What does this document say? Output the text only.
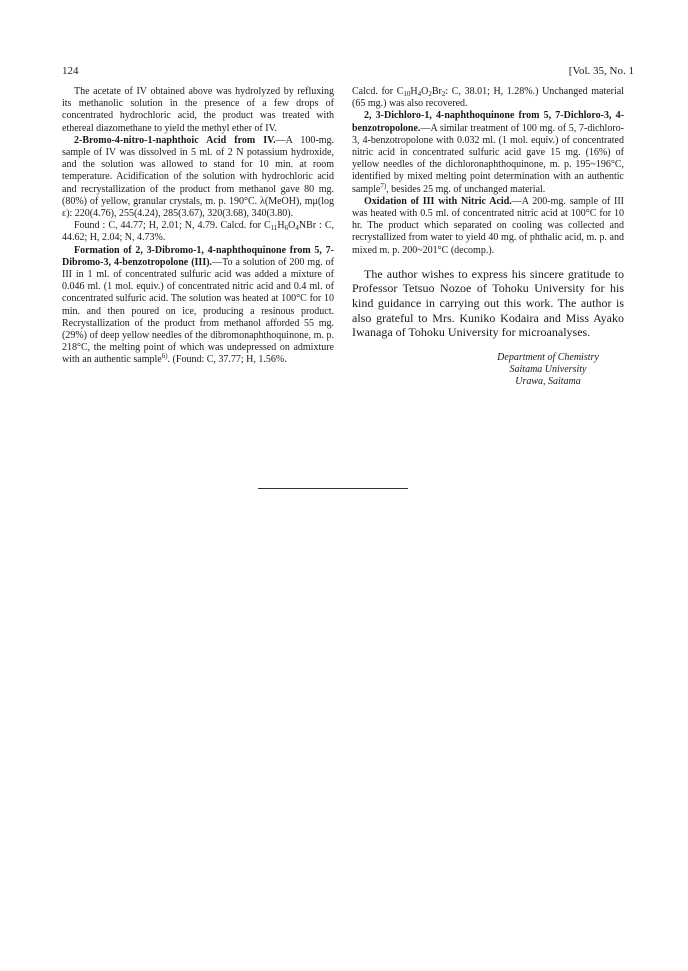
124	[Vol. 35, No. 1

The acetate of IV obtained above was hydrolyzed by refluxing its methanolic solution in the presence of a few drops of concentrated hydrochloric acid, the product was treated with ethereal diazomethane to yield the methyl ether of IV.

2-Bromo-4-nitro-1-naphthoic Acid from IV.—A 100-mg. sample of IV was dissolved in 5 ml. of 2 N potassium hydroxide, and the solution was allowed to stand for 10 min. at room temperature. Acidification of the solution with hydrochloric acid and recrystallization of the product from methanol gave 80 mg. (80%) of yellow, granular crystals, m. p. 190°C. λ(MeOH), mμ(log ε): 220(4.76), 255(4.24), 285(3.67), 320(3.68), 340(3.80).

Found : C, 44.77; H, 2.01; N, 4.79. Calcd. for $C_{11}H_6O_4NBr$ : C, 44.62; H, 2.04; N, 4.73%.

Formation of 2, 3-Dibromo-1, 4-naphthoquinone from 5, 7-Dibromo-3, 4-benzotropolone (III).—To a solution of 200 mg. of III in 1 ml. of concentrated sulfuric acid was added a mixture of 0.046 ml. (1 mol. equiv.) of concentrated nitric acid and 0.4 ml. of concentrated sulfuric acid. The solution was heated at 100°C for 10 min. and then poured on ice, producing a resinous product. Recrystallization of the product from methanol afforded 55 mg. (29%) of deep yellow needles of the dibromonaphthoquinone, m. p. 218°C, the melting point of which was undepressed on admixture with an authentic sample$^{6)}$. (Found: C, 37.77; H, 1.56%.

Calcd. for $C_{10}H_4O_2Br_2$: C, 38.01; H, 1.28%.) Unchanged material (65 mg.) was also recovered.

2, 3-Dichloro-1, 4-naphthoquinone from 5, 7-Dichloro-3, 4-benzotropolone.—A similar treatment of 100 mg. of 5, 7-dichloro-3, 4-benzotropolone with 0.032 ml. (1 mol. equiv.) of concentrated nitric acid in concentrated sulfuric acid gave 15 mg. (16%) of yellow needles of the dichloronaphthoquinone, m. p. 195~196°C, identified by mixed melting point determination with an authentic sample$^{7)}$, besides 25 mg. of unchanged material.

Oxidation of III with Nitric Acid.—A 200-mg. sample of III was heated with 0.5 ml. of concentrated nitric acid at 100°C for 10 hr. The product which separated on cooling was collected and recrystallized from water to yield 40 mg. of phthalic acid, m. p. and mixed m. p. 200~201°C (decomp.).

The author wishes to express his sincere gratitude to Professor Tetsuo Nozoe of Tohoku University for his kind guidance in carrying out this work. The author is also grateful to Mrs. Kuniko Kodaira and Miss Ayako Iwanaga of Tohoku University for microanalyses.

Department of Chemistry
Saitama University
Urawa, Saitama
